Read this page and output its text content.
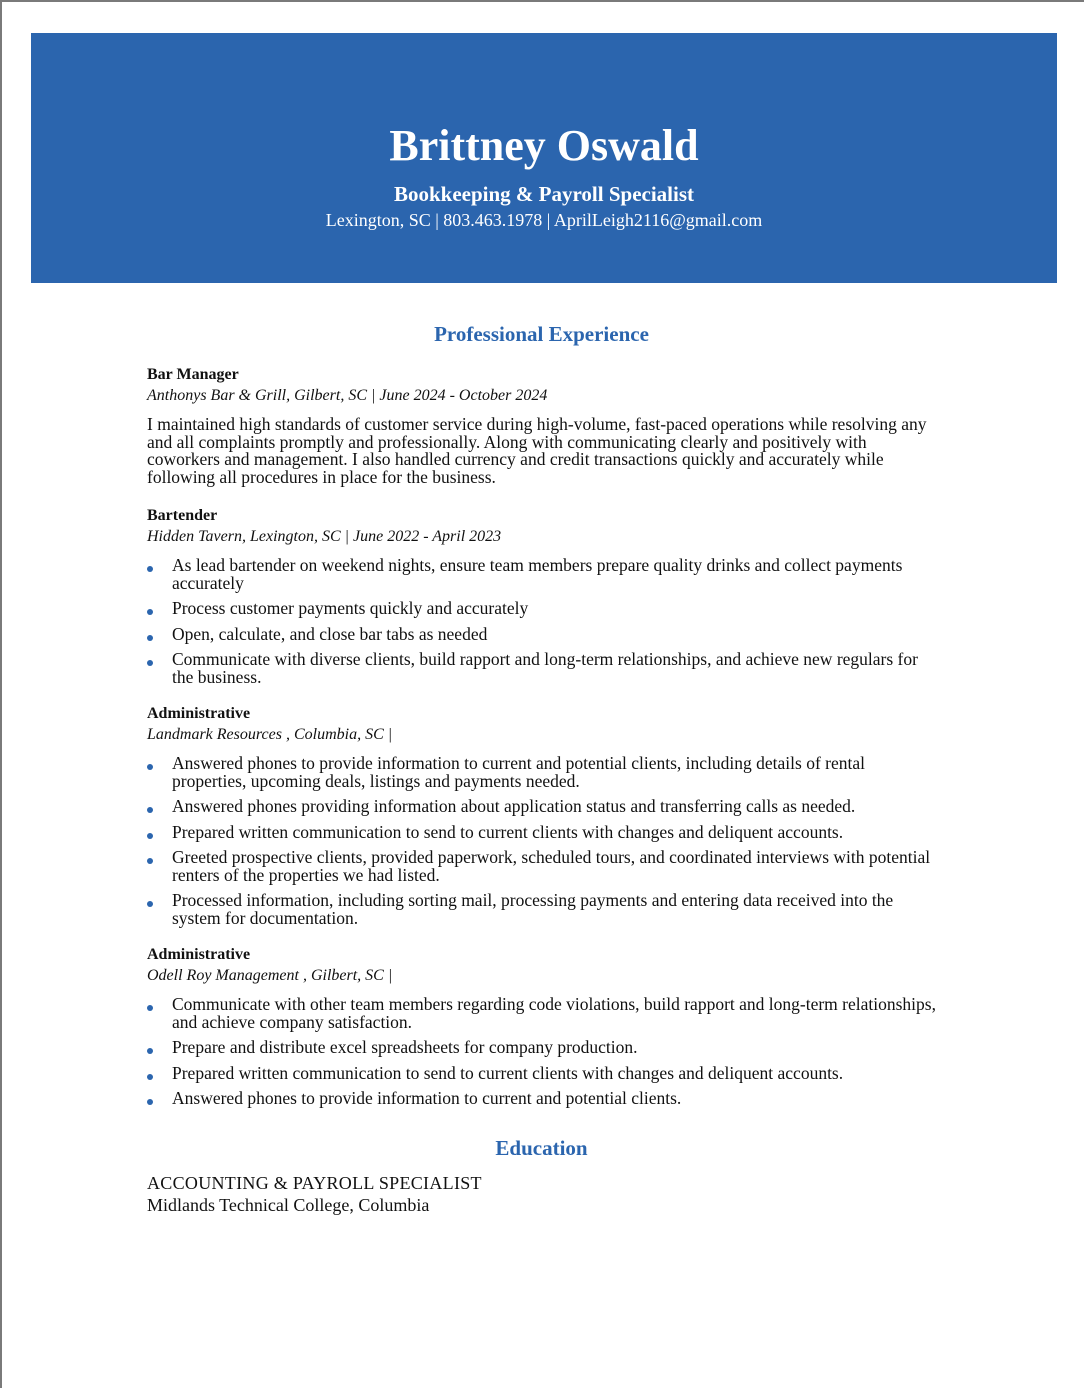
Brittney Oswald
Bookkeeping & Payroll Specialist
Lexington, SC | 803.463.1978 | AprilLeigh2116@gmail.com
Professional Experience
Bar Manager
Anthonys Bar & Grill, Gilbert, SC | June 2024 - October 2024
I maintained high standards of customer service during high-volume, fast-paced operations while resolving any and all complaints promptly and professionally. Along with communicating clearly and positively with coworkers and management. I also handled currency and credit transactions quickly and accurately while following all procedures in place for the business.
Bartender
Hidden Tavern, Lexington, SC | June 2022 - April 2023
As lead bartender on weekend nights, ensure team members prepare quality drinks and collect payments accurately
Process customer payments quickly and accurately
Open, calculate, and close bar tabs as needed
Communicate with diverse clients, build rapport and long-term relationships, and achieve new regulars for the business.
Administrative
Landmark Resources , Columbia, SC |
Answered phones to provide information to current and potential clients, including details of rental properties, upcoming deals, listings and payments needed.
Answered phones providing information about application status and transferring calls as needed.
Prepared written communication to send to current clients with changes and deliquent accounts.
Greeted prospective clients, provided paperwork, scheduled tours, and coordinated interviews with potential renters of the properties we had listed.
Processed information, including sorting mail, processing payments and entering data received into the system for documentation.
Administrative
Odell Roy Management , Gilbert, SC |
Communicate with other team members regarding code violations, build rapport and long-term relationships, and achieve company satisfaction.
Prepare and distribute excel spreadsheets for company production.
Prepared written communication to send to current clients with changes and deliquent accounts.
Answered phones to provide information to current and potential clients.
Education
ACCOUNTING & PAYROLL SPECIALIST
Midlands Technical College, Columbia
